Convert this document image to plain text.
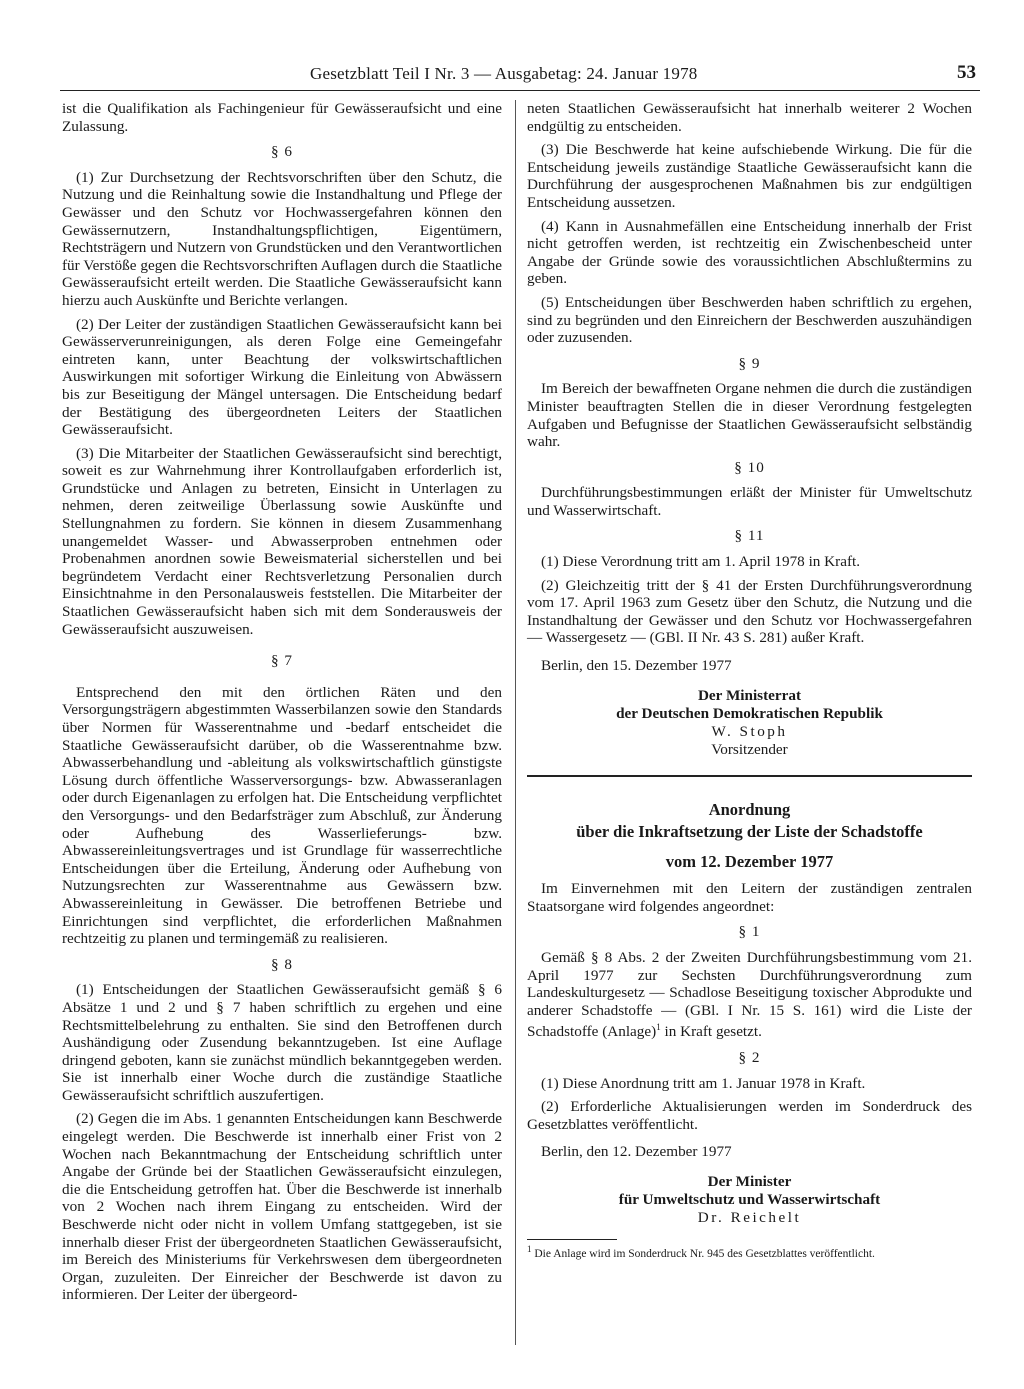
Gesetzblatt Teil I Nr. 3 — Ausgabetag: 24. Januar 1978	53

ist die Qualifikation als Fachingenieur für Gewässeraufsicht und eine Zulassung.

§ 6

(1) Zur Durchsetzung der Rechtsvorschriften über den Schutz, die Nutzung und die Reinhaltung sowie die Instandhaltung und Pflege der Gewässer und den Schutz vor Hochwassergefahren können den Gewässernutzern, Instandhaltungspflichtigen, Eigentümern, Rechtsträgern und Nutzern von Grundstücken und den Verantwortlichen für Verstöße gegen die Rechtsvorschriften Auflagen durch die Staatliche Gewässeraufsicht erteilt werden. Die Staatliche Gewässeraufsicht kann hierzu auch Auskünfte und Berichte verlangen.

(2) Der Leiter der zuständigen Staatlichen Gewässeraufsicht kann bei Gewässerverunreinigungen, als deren Folge eine Gemeingefahr eintreten kann, unter Beachtung der volkswirtschaftlichen Auswirkungen mit sofortiger Wirkung die Einleitung von Abwässern bis zur Beseitigung der Mängel untersagen. Die Entscheidung bedarf der Bestätigung des übergeordneten Leiters der Staatlichen Gewässeraufsicht.

(3) Die Mitarbeiter der Staatlichen Gewässeraufsicht sind berechtigt, soweit es zur Wahrnehmung ihrer Kontrollaufgaben erforderlich ist, Grundstücke und Anlagen zu betreten, Einsicht in Unterlagen zu nehmen, deren zeitweilige Überlassung sowie Auskünfte und Stellungnahmen zu fordern. Sie können in diesem Zusammenhang unangemeldet Wasser- und Abwasserproben entnehmen oder Probenahmen anordnen sowie Beweismaterial sicherstellen und bei begründetem Verdacht einer Rechtsverletzung Personalien durch Einsichtnahme in den Personalausweis feststellen. Die Mitarbeiter der Staatlichen Gewässeraufsicht haben sich mit dem Sonderausweis der Gewässeraufsicht auszuweisen.

§ 7

Entsprechend den mit den örtlichen Räten und den Versorgungsträgern abgestimmten Wasserbilanzen sowie den Standards über Normen für Wasserentnahme und -bedarf entscheidet die Staatliche Gewässeraufsicht darüber, ob die Wasserentnahme bzw. Abwasserbehandlung und -ableitung als volkswirtschaftlich günstigste Lösung durch öffentliche Wasserversorgungs- bzw. Abwasseranlagen oder durch Eigenanlagen zu erfolgen hat. Die Entscheidung verpflichtet den Versorgungs- und den Bedarfsträger zum Abschluß, zur Änderung oder Aufhebung des Wasserlieferungs- bzw. Abwassereinleitungsvertrages und ist Grundlage für wasserrechtliche Entscheidungen über die Erteilung, Änderung oder Aufhebung von Nutzungsrechten zur Wasserentnahme aus Gewässern bzw. Abwassereinleitung in Gewässer. Die betroffenen Betriebe und Einrichtungen sind verpflichtet, die erforderlichen Maßnahmen rechtzeitig zu planen und termingemäß zu realisieren.

§ 8

(1) Entscheidungen der Staatlichen Gewässeraufsicht gemäß § 6 Absätze 1 und 2 und § 7 haben schriftlich zu ergehen und eine Rechtsmittelbelehrung zu enthalten. Sie sind den Betroffenen durch Aushändigung oder Zusendung bekanntzugeben. Ist eine Auflage dringend geboten, kann sie zunächst mündlich bekanntgegeben werden. Sie ist innerhalb einer Woche durch die zuständige Staatliche Gewässeraufsicht schriftlich auszufertigen.

(2) Gegen die im Abs. 1 genannten Entscheidungen kann Beschwerde eingelegt werden. Die Beschwerde ist innerhalb einer Frist von 2 Wochen nach Bekanntmachung der Entscheidung schriftlich unter Angabe der Gründe bei der Staatlichen Gewässeraufsicht einzulegen, die die Entscheidung getroffen hat. Über die Beschwerde ist innerhalb von 2 Wochen nach ihrem Eingang zu entscheiden. Wird der Beschwerde nicht oder nicht in vollem Umfang stattgegeben, ist sie innerhalb dieser Frist der übergeordneten Staatlichen Gewässeraufsicht, im Bereich des Ministeriums für Verkehrswesen dem übergeordneten Organ, zuzuleiten. Der Einreicher der Beschwerde ist davon zu informieren. Der Leiter der übergeord-

neten Staatlichen Gewässeraufsicht hat innerhalb weiterer 2 Wochen endgültig zu entscheiden.

(3) Die Beschwerde hat keine aufschiebende Wirkung. Die für die Entscheidung jeweils zuständige Staatliche Gewässeraufsicht kann die Durchführung der ausgesprochenen Maßnahmen bis zur endgültigen Entscheidung aussetzen.

(4) Kann in Ausnahmefällen eine Entscheidung innerhalb der Frist nicht getroffen werden, ist rechtzeitig ein Zwischenbescheid unter Angabe der Gründe sowie des voraussichtlichen Abschlußtermins zu geben.

(5) Entscheidungen über Beschwerden haben schriftlich zu ergehen, sind zu begründen und den Einreichern der Beschwerden auszuhändigen oder zuzusenden.

§ 9

Im Bereich der bewaffneten Organe nehmen die durch die zuständigen Minister beauftragten Stellen die in dieser Verordnung festgelegten Aufgaben und Befugnisse der Staatlichen Gewässeraufsicht selbständig wahr.

§ 10

Durchführungsbestimmungen erläßt der Minister für Umweltschutz und Wasserwirtschaft.

§ 11

(1) Diese Verordnung tritt am 1. April 1978 in Kraft.

(2) Gleichzeitig tritt der § 41 der Ersten Durchführungsverordnung vom 17. April 1963 zum Gesetz über den Schutz, die Nutzung und die Instandhaltung der Gewässer und den Schutz vor Hochwassergefahren — Wassergesetz — (GBl. II Nr. 43 S. 281) außer Kraft.

Berlin, den 15. Dezember 1977

Der Ministerrat

der Deutschen Demokratischen Republik

W. Stoph

Vorsitzender

Anordnung

über die Inkraftsetzung der Liste der Schadstoffe

vom 12. Dezember 1977

Im Einvernehmen mit den Leitern der zuständigen zentralen Staatsorgane wird folgendes angeordnet:

§ 1

Gemäß § 8 Abs. 2 der Zweiten Durchführungsbestimmung vom 21. April 1977 zur Sechsten Durchführungsverordnung zum Landeskulturgesetz — Schadlose Beseitigung toxischer Abprodukte und anderer Schadstoffe — (GBl. I Nr. 15 S. 161) wird die Liste der Schadstoffe (Anlage)$^1$ in Kraft gesetzt.

§ 2

(1) Diese Anordnung tritt am 1. Januar 1978 in Kraft.

(2) Erforderliche Aktualisierungen werden im Sonderdruck des Gesetzblattes veröffentlicht.

Berlin, den 12. Dezember 1977

Der Minister

für Umweltschutz und Wasserwirtschaft

Dr. Reichelt

$^1$ Die Anlage wird im Sonderdruck Nr. 945 des Gesetzblattes veröffentlicht.
